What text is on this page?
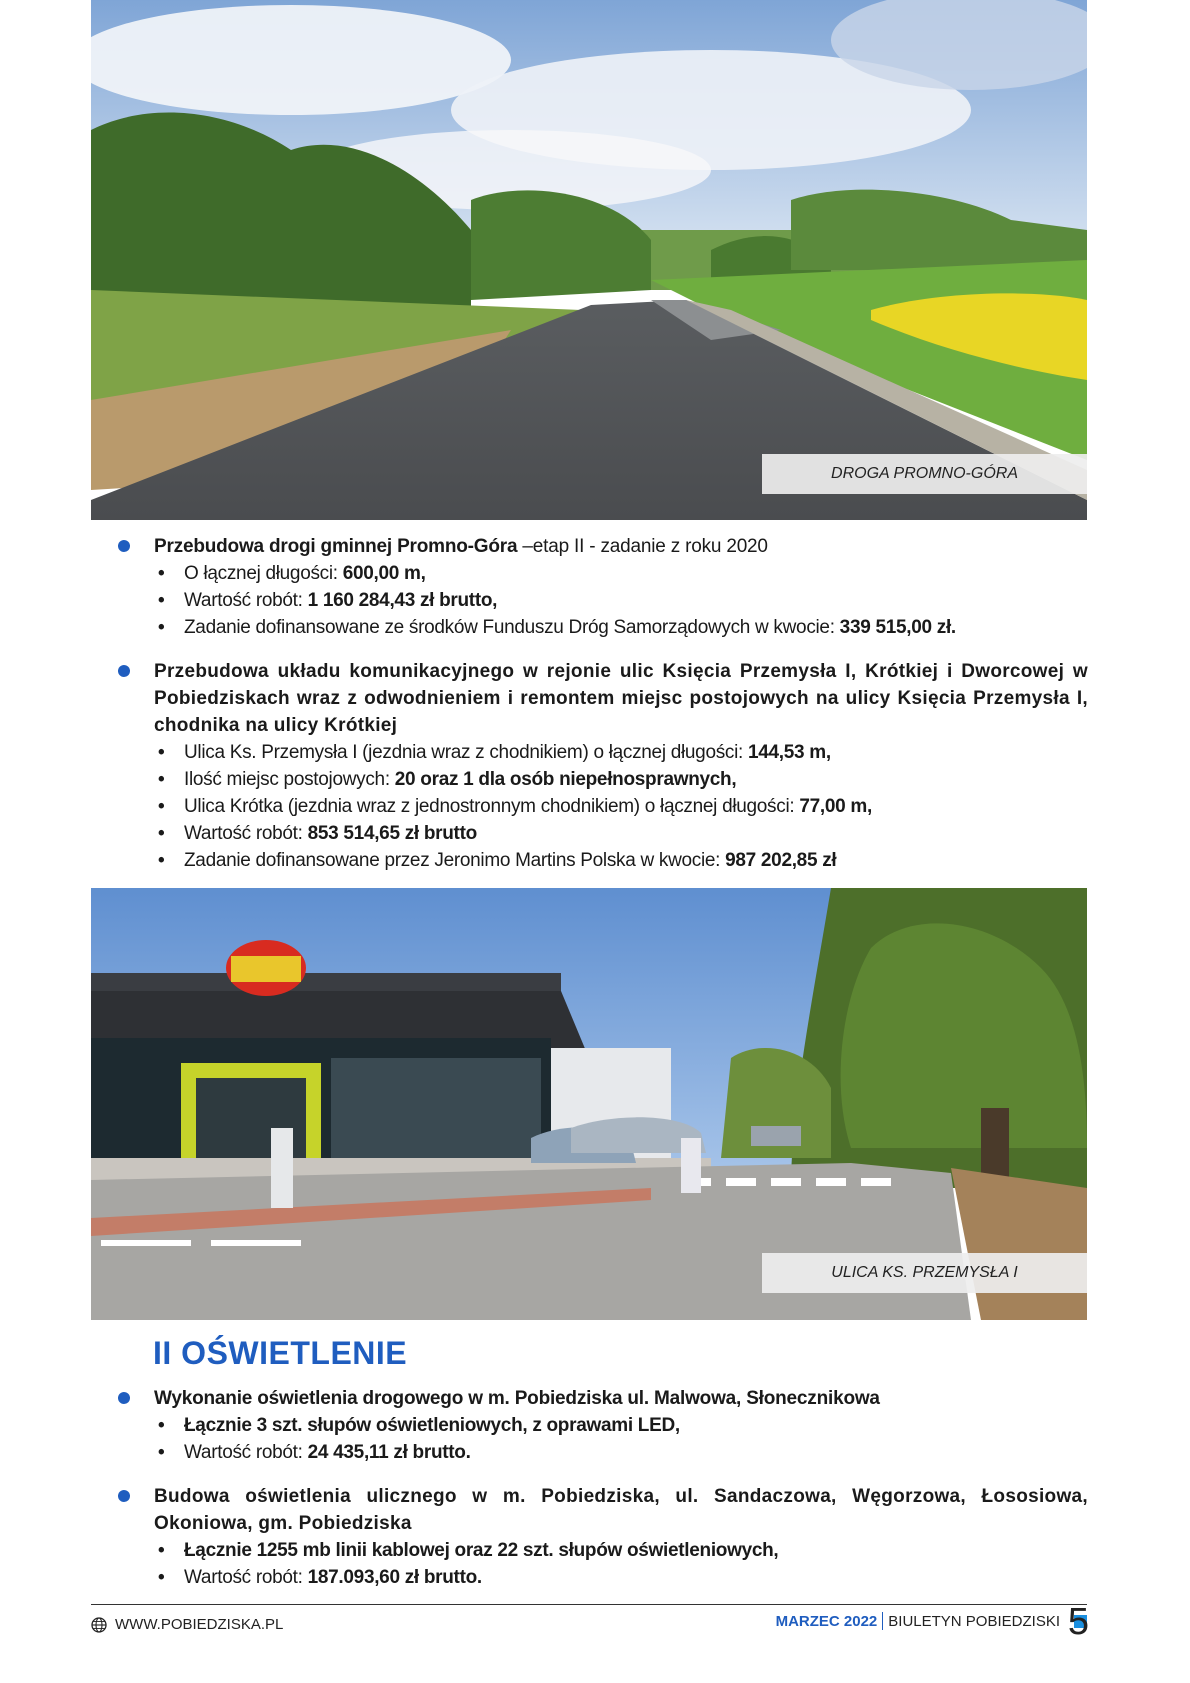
DROGA PROMNO-GÓRA
Przebudowa drogi gminnej Promno-Góra –etap II - zadanie z roku 2020
• O łącznej długości: 600,00 m,
• Wartość robót: 1 160 284,43 zł brutto,
• Zadanie dofinansowane ze środków Funduszu Dróg Samorządowych w kwocie: 339 515,00 zł.
Przebudowa układu komunikacyjnego w rejonie ulic Księcia Przemysła I, Krótkiej i Dworcowej w Pobiedziskach wraz z odwodnieniem i remontem miejsc postojowych na ulicy Księcia Przemysła I, chodnika na ulicy Krótkiej
• Ulica Ks. Przemysła I (jezdnia wraz z chodnikiem) o łącznej długości: 144,53 m,
• Ilość miejsc postojowych: 20 oraz 1 dla osób niepełnosprawnych,
• Ulica Krótka (jezdnia wraz z jednostronnym chodnikiem) o łącznej długości: 77,00 m,
• Wartość robót: 853 514,65 zł brutto
• Zadanie dofinansowane przez Jeronimo Martins Polska w kwocie: 987 202,85 zł
ULICA KS. PRZEMYSŁA I
II OŚWIETLENIE
Wykonanie oświetlenia drogowego w m. Pobiedziska ul. Malwowa, Słonecznikowa
• Łącznie 3 szt. słupów oświetleniowych, z oprawami LED,
• Wartość robót: 24 435,11 zł brutto.
Budowa oświetlenia ulicznego w m. Pobiedziska, ul. Sandaczowa, Węgorzowa, Łososiowa, Okoniowa, gm. Pobiedziska
• Łącznie 1255 mb linii kablowej oraz 22 szt. słupów oświetleniowych,
• Wartość robót: 187.093,60 zł brutto.
WWW.POBIEDZISKA.PL	MARZEC 2022 BIULETYN POBIEDZISKI 5
